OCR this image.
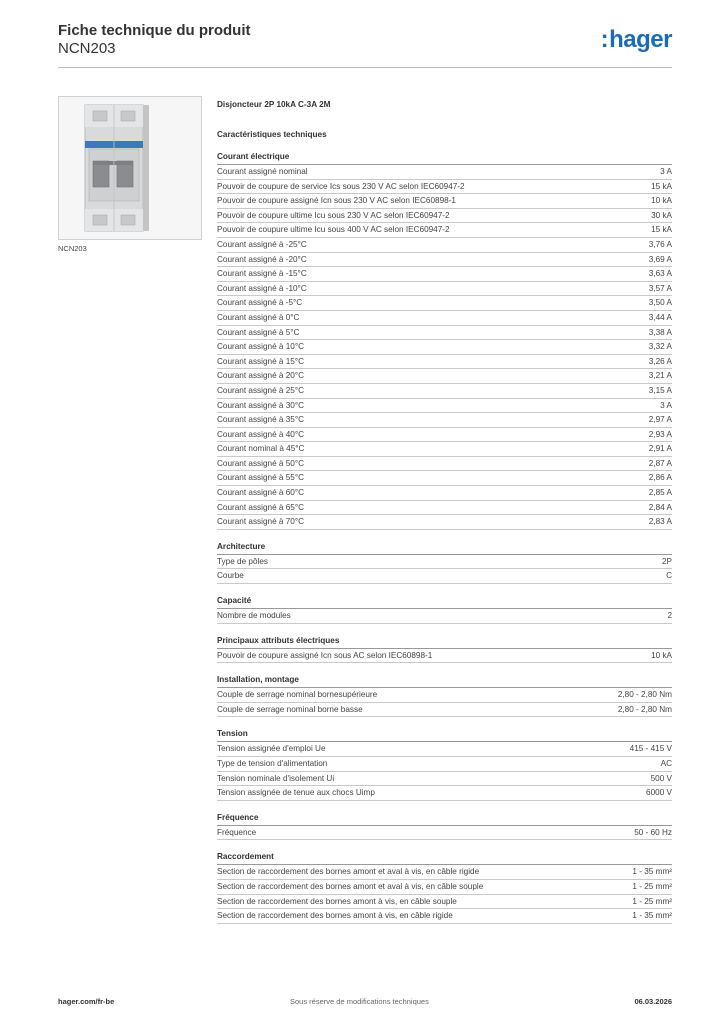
Fiche technique du produit
NCN203	:hager
NCN203
Disjoncteur 2P 10kA C-3A 2M
Caractéristiques techniques
Courant électrique
Courant assigné nominal	3 A
Pouvoir de coupure de service Ics sous 230 V AC selon IEC60947-2	15 kA
Pouvoir de coupure assigné Icn sous 230 V AC selon IEC60898-1	10 kA
Pouvoir de coupure ultime Icu sous 230 V AC selon IEC60947-2	30 kA
Pouvoir de coupure ultime Icu sous 400 V AC selon IEC60947-2	15 kA
Courant assigné à -25°C	3,76 A
Courant assigné à -20°C	3,69 A
Courant assigné à -15°C	3,63 A
Courant assigné à -10°C	3,57 A
Courant assigné à -5°C	3,50 A
Courant assigné à 0°C	3,44 A
Courant assigné à 5°C	3,38 A
Courant assigné à 10°C	3,32 A
Courant assigné à 15°C	3,26 A
Courant assigné à 20°C	3,21 A
Courant assigné à 25°C	3,15 A
Courant assigné à 30°C	3 A
Courant assigné à 35°C	2,97 A
Courant assigné à 40°C	2,93 A
Courant nominal à 45°C	2,91 A
Courant assigné à 50°C	2,87 A
Courant assigné à 55°C	2,86 A
Courant assigné à 60°C	2,85 A
Courant assigné à 65°C	2,84 A
Courant assigné à 70°C	2,83 A
Architecture
Type de pôles	2P
Courbe	C
Capacité
Nombre de modules	2
Principaux attributs électriques
Pouvoir de coupure assigné Icn sous AC selon IEC60898-1	10 kA
Installation, montage
Couple de serrage nominal bornesupérieure	2,80 - 2,80 Nm
Couple de serrage nominal borne basse	2,80 - 2,80 Nm
Tension
Tension assignée d'emploi Ue	415 - 415 V
Type de tension d'alimentation	AC
Tension nominale d'isolement Ui	500 V
Tension assignée de tenue aux chocs Uimp	6000 V
Fréquence
Fréquence	50 - 60 Hz
Raccordement
Section de raccordement des bornes amont et aval à vis, en câble rigide	1 - 35 mm²
Section de raccordement des bornes amont et aval à vis, en câble souple	1 - 25 mm²
Section de raccordement des bornes amont à vis, en câble souple	1 - 25 mm²
Section de raccordement des bornes amont à vis, en câble rigide	1 - 35 mm²
hager.com/fr-be	Sous réserve de modifications techniques	06.03.2026
